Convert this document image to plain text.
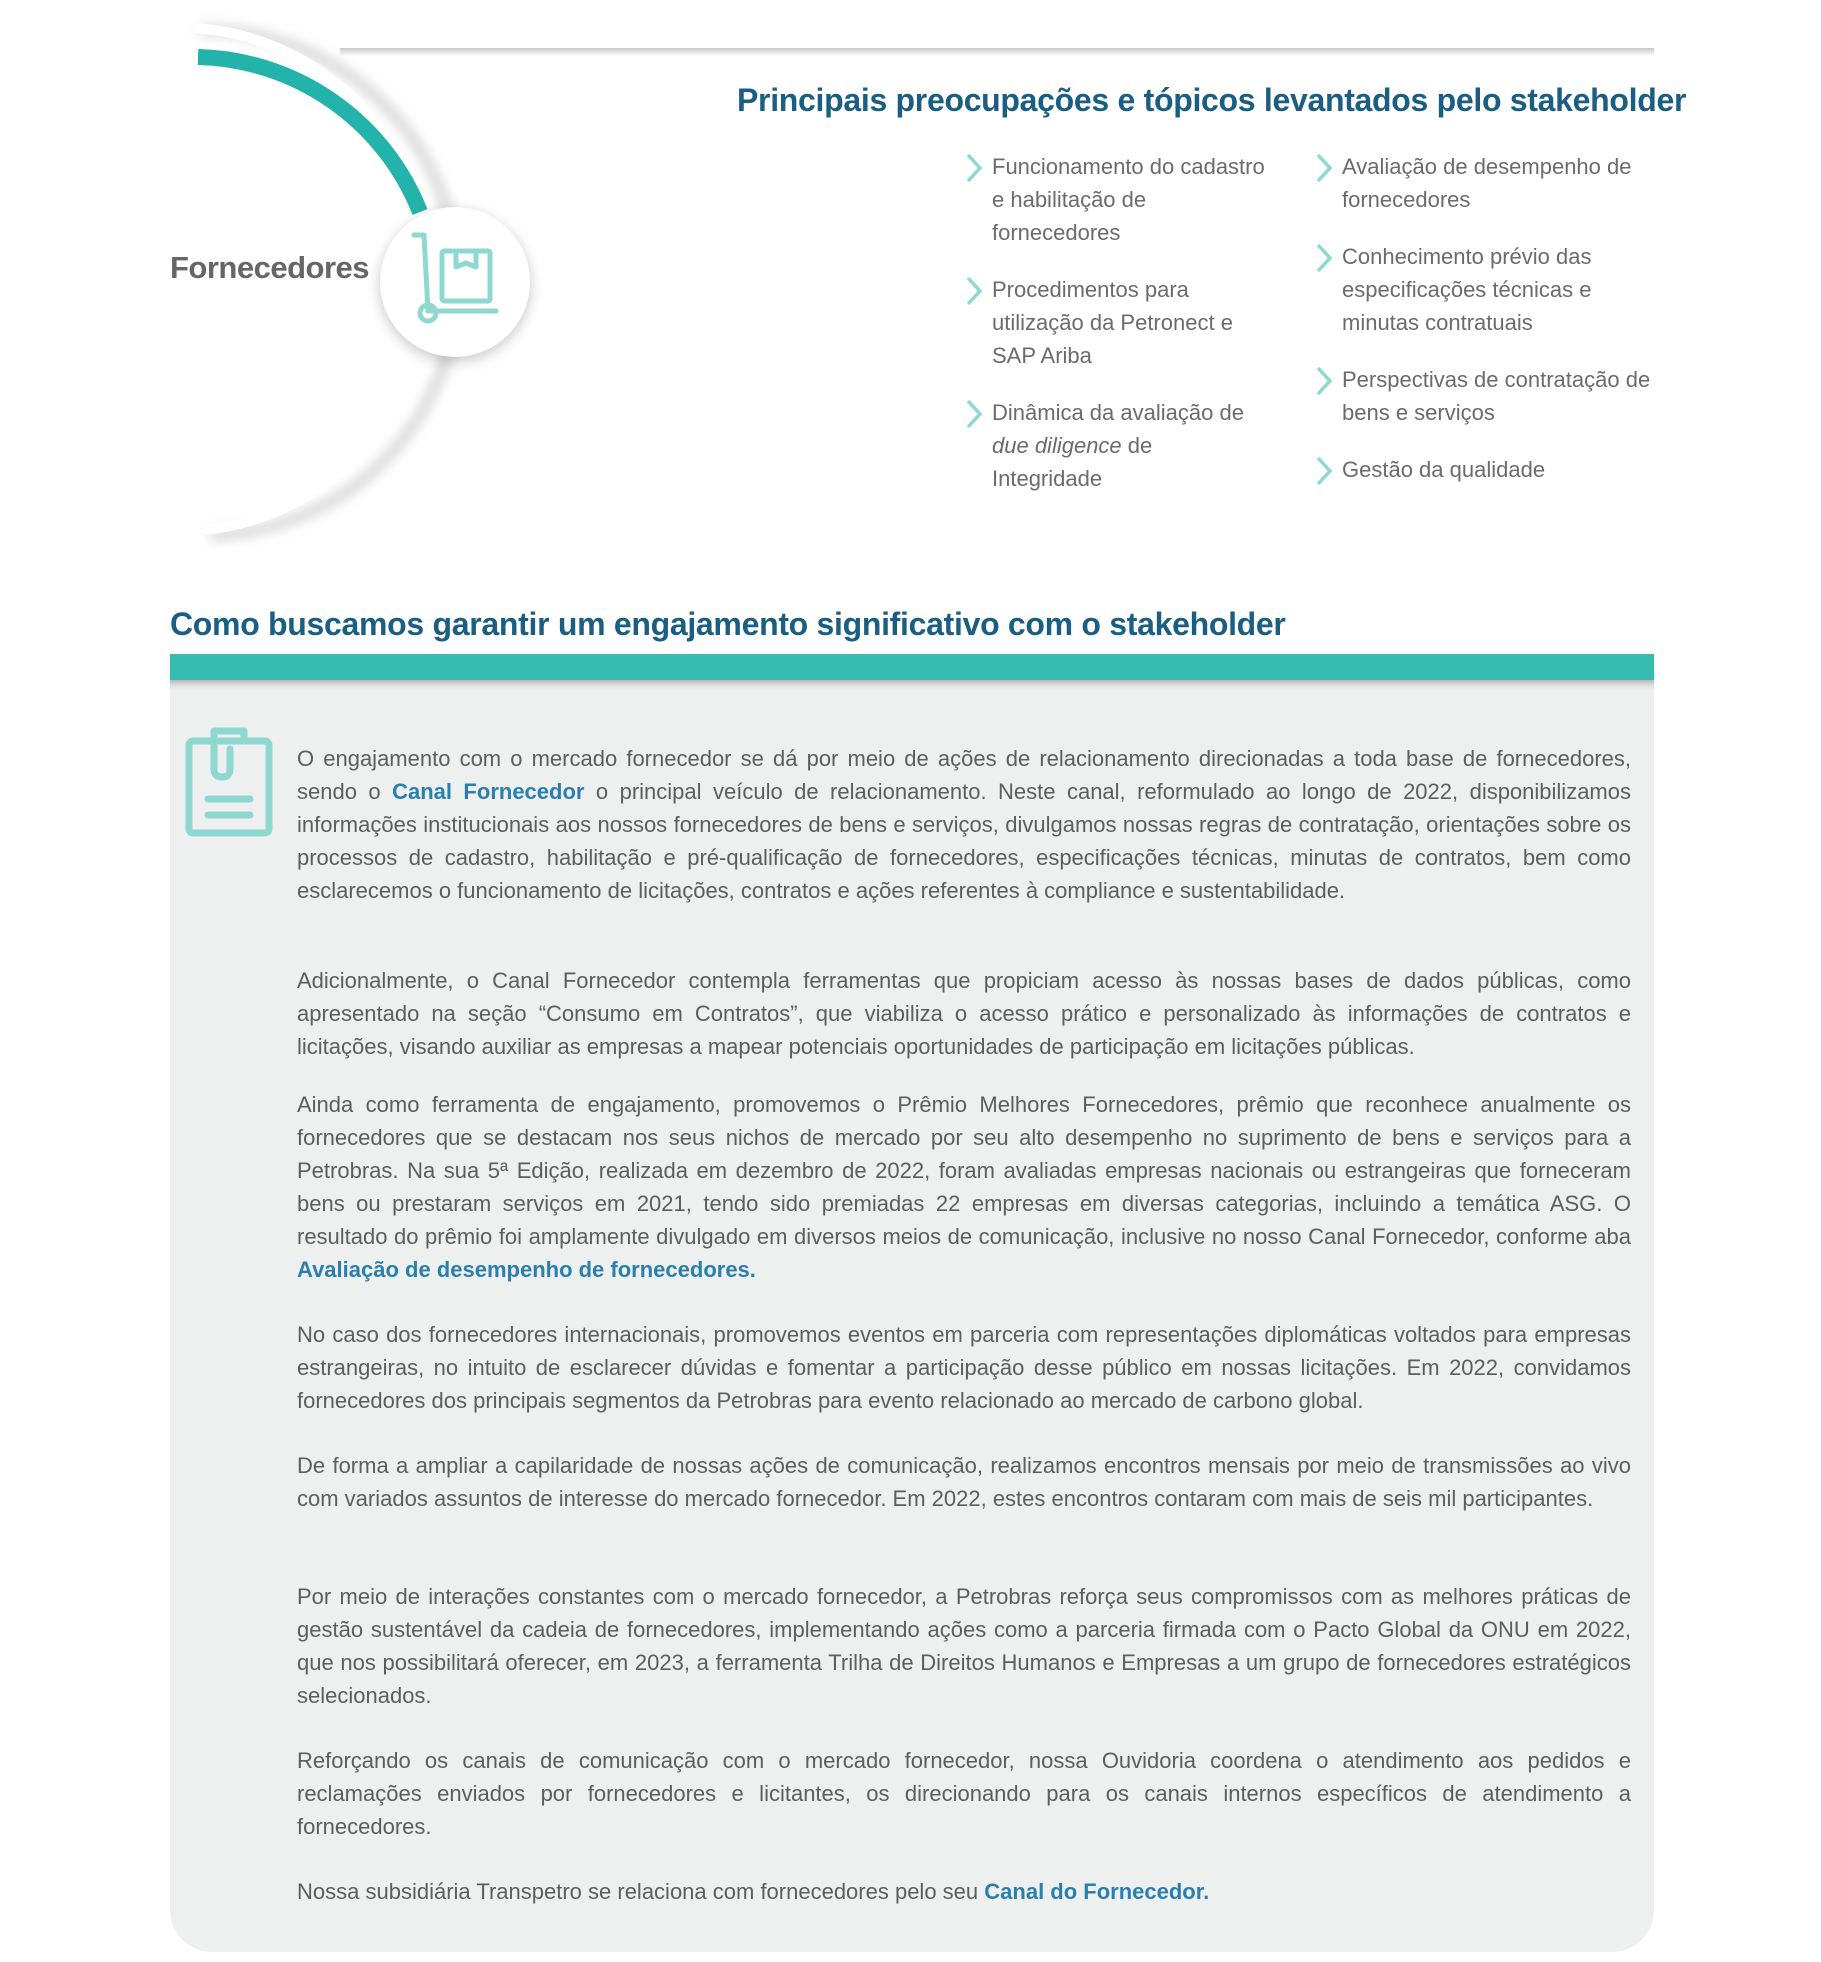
Fornecedores
Principais preocupações e tópicos levantados pelo stakeholder
Funcionamento do cadastro e habilitação de fornecedores
Procedimentos para utilização da Petronect e SAP Ariba
Dinâmica da avaliação de due diligence de Integridade
Avaliação de desempenho de fornecedores
Conhecimento prévio das especificações técnicas e minutas contratuais
Perspectivas de contratação de bens e serviços
Gestão da qualidade
Como buscamos garantir um engajamento significativo com o stakeholder

O engajamento com o mercado fornecedor se dá por meio de ações de relacionamento direcionadas a toda base de fornecedores, sendo o Canal Fornecedor o principal veículo de relacionamento. Neste canal, reformulado ao longo de 2022, disponibilizamos informações institucionais aos nossos fornecedores de bens e serviços, divulgamos nossas regras de contratação, orientações sobre os processos de cadastro, habilitação e pré-qualificação de fornecedores, especificações técnicas, minutas de contratos, bem como esclarecemos o funcionamento de licitações, contratos e ações referentes à compliance e sustentabilidade.

Adicionalmente, o Canal Fornecedor contempla ferramentas que propiciam acesso às nossas bases de dados públicas, como apresentado na seção “Consumo em Contratos”, que viabiliza o acesso prático e personalizado às informações de contratos e licitações, visando auxiliar as empresas a mapear potenciais oportunidades de participação em licitações públicas.

Ainda como ferramenta de engajamento, promovemos o Prêmio Melhores Fornecedores, prêmio que reconhece anualmente os fornecedores que se destacam nos seus nichos de mercado por seu alto desempenho no suprimento de bens e serviços para a Petrobras. Na sua 5ª Edição, realizada em dezembro de 2022, foram avaliadas empresas nacionais ou estrangeiras que forneceram bens ou prestaram serviços em 2021, tendo sido premiadas 22 empresas em diversas categorias, incluindo a temática ASG. O resultado do prêmio foi amplamente divulgado em diversos meios de comunicação, inclusive no nosso Canal Fornecedor, conforme aba Avaliação de desempenho de fornecedores.

No caso dos fornecedores internacionais, promovemos eventos em parceria com representações diplomáticas voltados para empresas estrangeiras, no intuito de esclarecer dúvidas e fomentar a participação desse público em nossas licitações. Em 2022, convidamos fornecedores dos principais segmentos da Petrobras para evento relacionado ao mercado de carbono global.

De forma a ampliar a capilaridade de nossas ações de comunicação, realizamos encontros mensais por meio de transmissões ao vivo com variados assuntos de interesse do mercado fornecedor. Em 2022, estes encontros contaram com mais de seis mil participantes.

Por meio de interações constantes com o mercado fornecedor, a Petrobras reforça seus compromissos com as melhores práticas de gestão sustentável da cadeia de fornecedores, implementando ações como a parceria firmada com o Pacto Global da ONU em 2022, que nos possibilitará oferecer, em 2023, a ferramenta Trilha de Direitos Humanos e Empresas a um grupo de fornecedores estratégicos selecionados.

Reforçando os canais de comunicação com o mercado fornecedor, nossa Ouvidoria coordena o atendimento aos pedidos e reclamações enviados por fornecedores e licitantes, os direcionando para os canais internos específicos de atendimento a fornecedores.

Nossa subsidiária Transpetro se relaciona com fornecedores pelo seu Canal do Fornecedor.
